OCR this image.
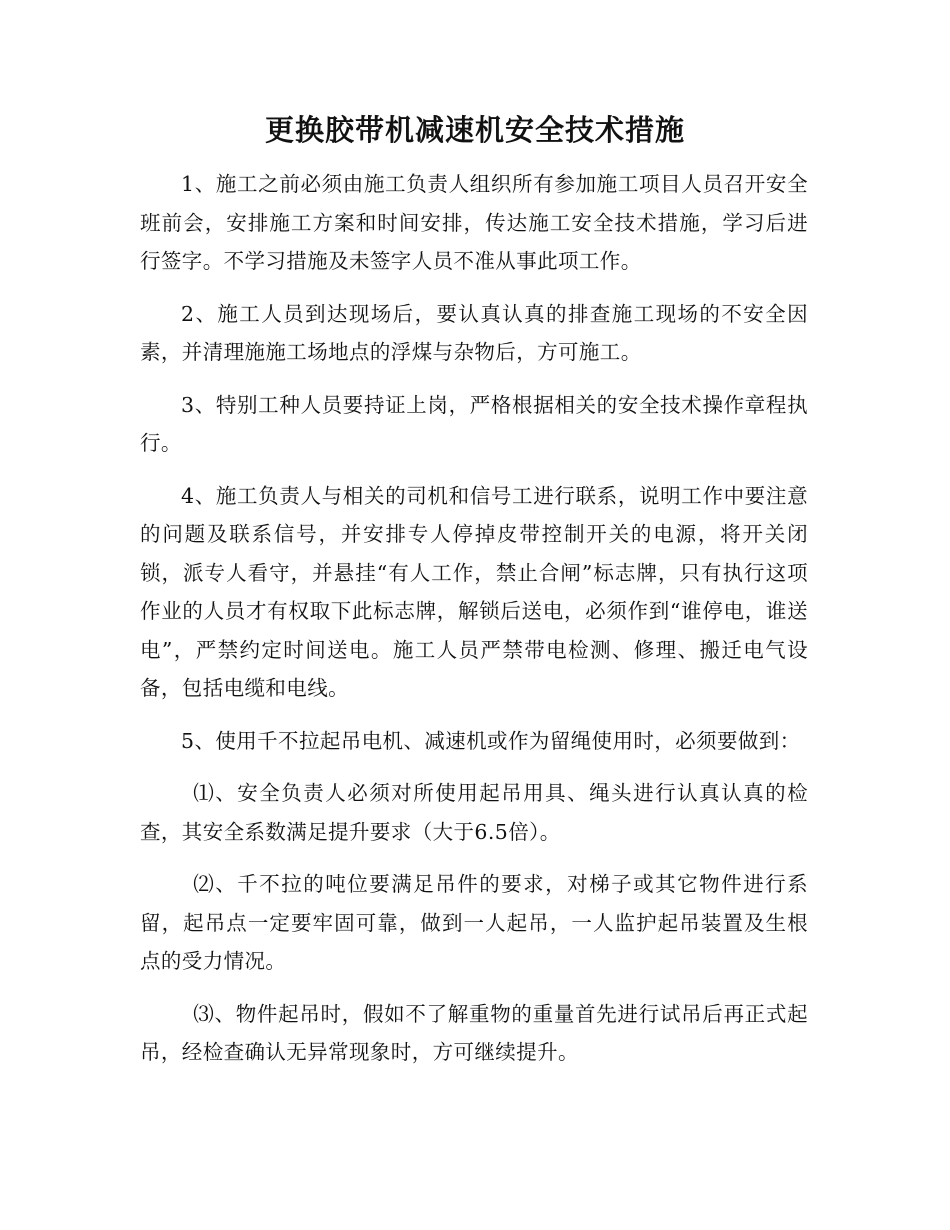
更换胶带机减速机安全技术措施

1、施工之前必须由施工负责人组织所有参加施工项目人员召开安全班前会，安排施工方案和时间安排，传达施工安全技术措施，学习后进行签字。不学习措施及未签字人员不准从事此项工作。

2、施工人员到达现场后，要认真认真的排查施工现场的不安全因素，并清理施施工场地点的浮煤与杂物后，方可施工。

3、特别工种人员要持证上岗，严格根据相关的安全技术操作章程执行。

4、施工负责人与相关的司机和信号工进行联系，说明工作中要注意的问题及联系信号，并安排专人停掉皮带控制开关的电源，将开关闭锁，派专人看守，并悬挂“有人工作，禁止合闸”标志牌，只有执行这项作业的人员才有权取下此标志牌，解锁后送电，必须作到“谁停电，谁送电”，严禁约定时间送电。施工人员严禁带电检测、修理、搬迁电气设备，包括电缆和电线。

5、使用千不拉起吊电机、减速机或作为留绳使用时，必须要做到：

⑴、安全负责人必须对所使用起吊用具、绳头进行认真认真的检查，其安全系数满足提升要求（大于6.5倍）。

⑵、千不拉的吨位要满足吊件的要求，对梯子或其它物件进行系留，起吊点一定要牢固可靠，做到一人起吊，一人监护起吊装置及生根点的受力情况。

⑶、物件起吊时，假如不了解重物的重量首先进行试吊后再正式起吊，经检查确认无异常现象时，方可继续提升。
